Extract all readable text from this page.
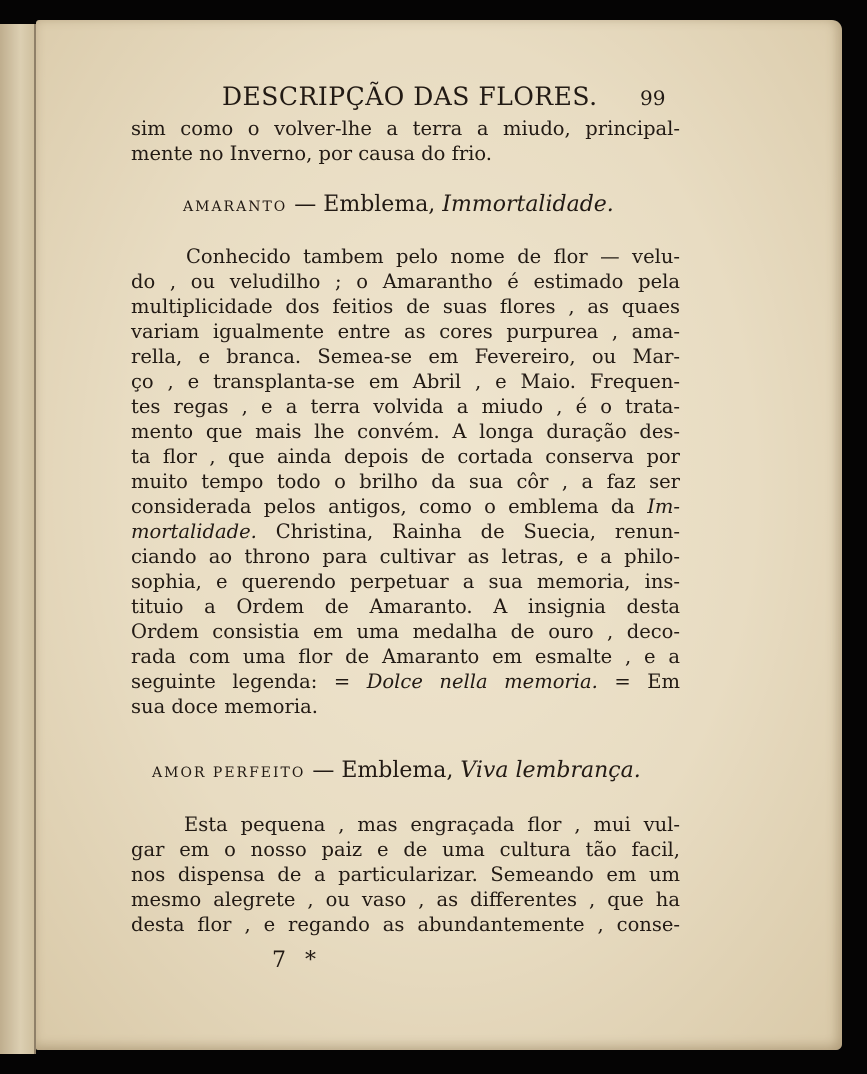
DESCRIPÇÃO DAS FLORES. 99
sim como o volver-lhe a terra a miudo, principal-
mente no Inverno, por causa do frio.
AMARANTO — Emblema, Immortalidade.
Conhecido tambem pelo nome de flor — velu-
do , ou veludilho ; o Amarantho é estimado pela
multiplicidade dos feitios de suas flores , as quaes
variam igualmente entre as cores purpurea , ama-
rella, e branca. Semea-se em Fevereiro, ou Mar-
ço , e transplanta-se em Abril , e Maio. Frequen-
tes regas , e a terra volvida a miudo , é o trata-
mento que mais lhe convém. A longa duração des-
ta flor , que ainda depois de cortada conserva por
muito tempo todo o brilho da sua côr , a faz ser
considerada pelos antigos, como o emblema da Im-
mortalidade. Christina, Rainha de Suecia, renun-
ciando ao throno para cultivar as letras, e a philo-
sophia, e querendo perpetuar a sua memoria, ins-
tituio a Ordem de Amaranto. A insignia desta
Ordem consistia em uma medalha de ouro , deco-
rada com uma flor de Amaranto em esmalte , e a
seguinte legenda: = Dolce nella memoria. = Em
sua doce memoria.
AMOR PERFEITO — Emblema, Viva lembrança.
Esta pequena , mas engraçada flor , mui vul-
gar em o nosso paiz e de uma cultura tão facil,
nos dispensa de a particularizar. Semeando em um
mesmo alegrete , ou vaso , as differentes , que ha
desta flor , e regando as abundantemente , conse-
7 *
